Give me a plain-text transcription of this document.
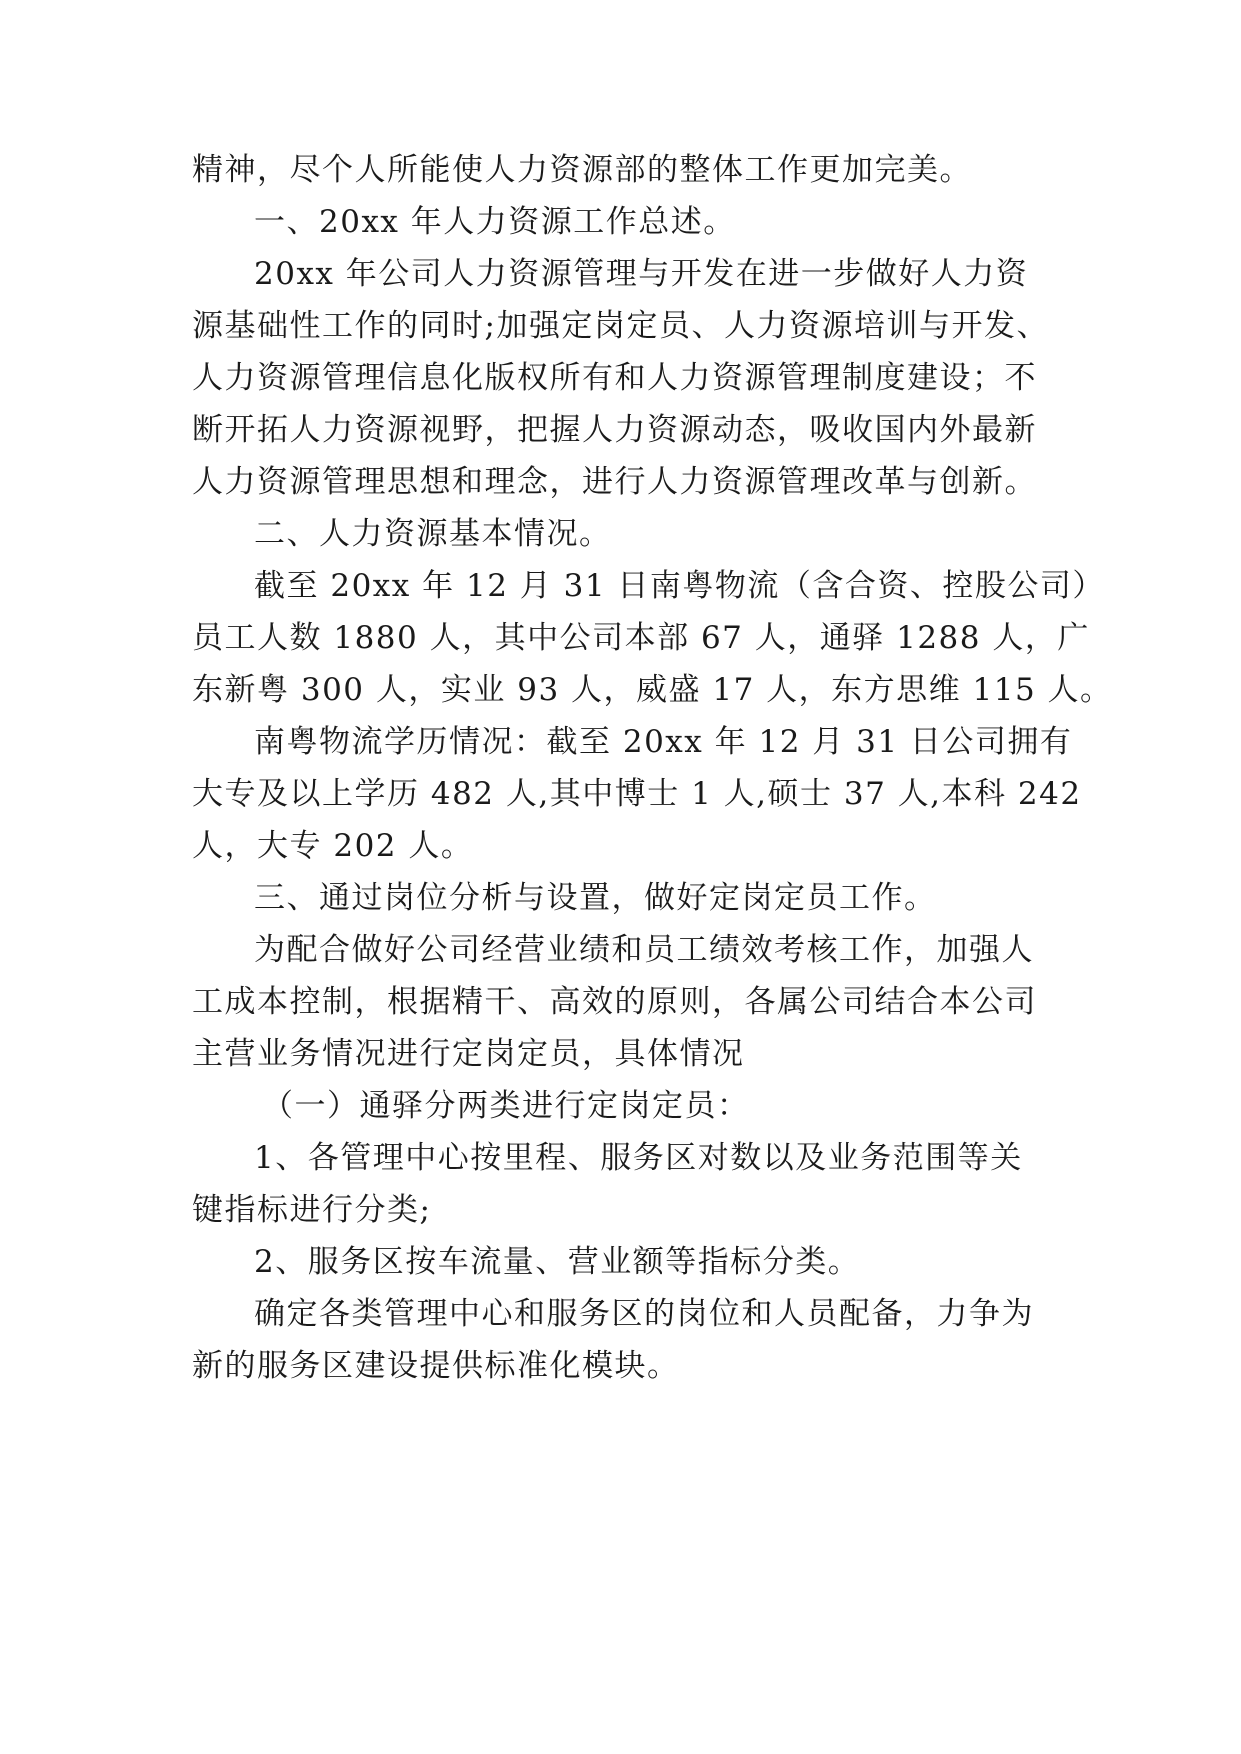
精神，尽个人所能使人力资源部的整体工作更加完美。
一、20xx 年人力资源工作总述。
20xx 年公司人力资源管理与开发在进一步做好人力资
源基础性工作的同时;加强定岗定员、人力资源培训与开发、
人力资源管理信息化版权所有和人力资源管理制度建设；不
断开拓人力资源视野，把握人力资源动态，吸收国内外最新
人力资源管理思想和理念，进行人力资源管理改革与创新。
二、人力资源基本情况。
截至 20xx 年 12 月 31 日南粤物流（含合资、控股公司）
员工人数 1880 人，其中公司本部 67 人，通驿 1288 人，广
东新粤 300 人，实业 93 人，威盛 17 人，东方思维 115 人。
南粤物流学历情况：截至 20xx 年 12 月 31 日公司拥有
大专及以上学历 482 人,其中博士 1 人,硕士 37 人,本科 242
人，大专 202 人。
三、通过岗位分析与设置，做好定岗定员工作。
为配合做好公司经营业绩和员工绩效考核工作，加强人
工成本控制，根据精干、高效的原则，各属公司结合本公司
主营业务情况进行定岗定员，具体情况
（一）通驿分两类进行定岗定员：
1、各管理中心按里程、服务区对数以及业务范围等关
键指标进行分类;
2、服务区按车流量、营业额等指标分类。
确定各类管理中心和服务区的岗位和人员配备，力争为
新的服务区建设提供标准化模块。
